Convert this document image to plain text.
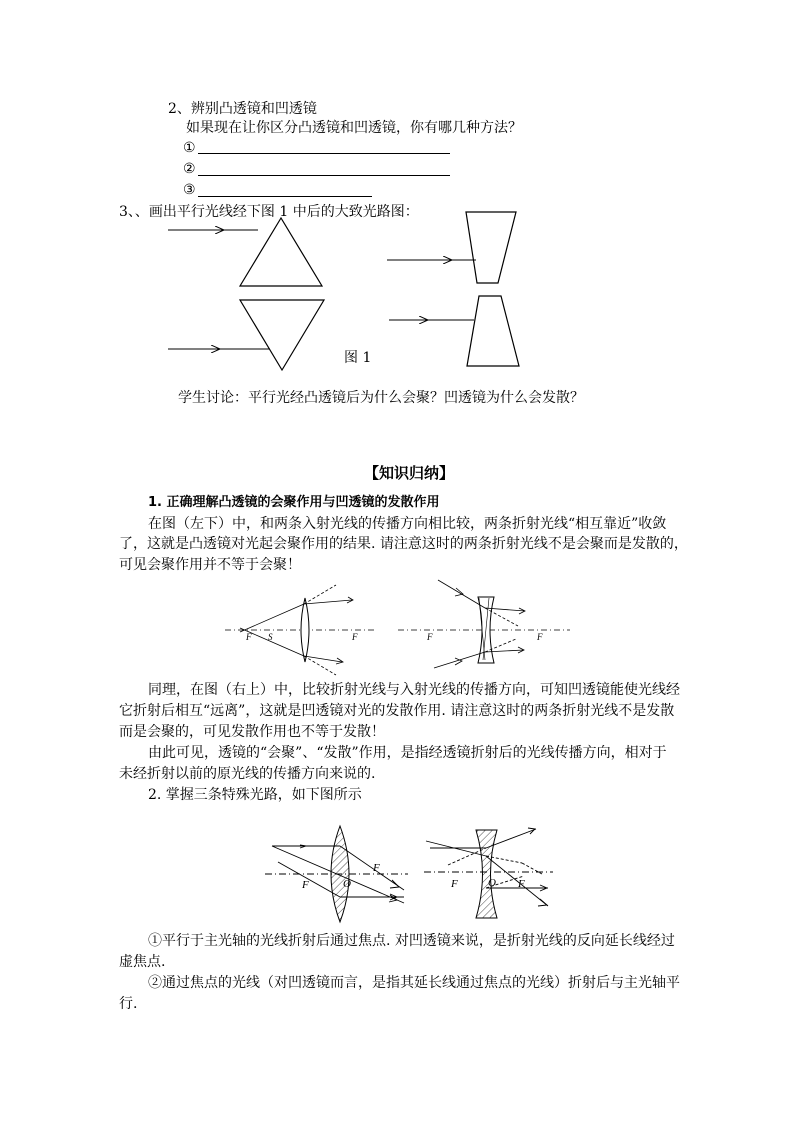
2、辨别凸透镜和凹透镜
如果现在让你区分凸透镜和凹透镜，你有哪几种方法？
①
②
③
3、、画出平行光线经下图 1 中后的大致光路图：
图 1
学生讨论：平行光经凸透镜后为什么会聚？凹透镜为什么会发散？
【知识归纳】
1. 正确理解凸透镜的会聚作用与凹透镜的发散作用
在图（左下）中，和两条入射光线的传播方向相比较，两条折射光线“相互靠近”收敛
了，这就是凸透镜对光起会聚作用的结果. 请注意这时的两条折射光线不是会聚而是发散的，
可见会聚作用并不等于会聚！
F S	F	F	F
同理，在图（右上）中，比较折射光线与入射光线的传播方向，可知凹透镜能使光线经
它折射后相互“远离”，这就是凹透镜对光的发散作用. 请注意这时的两条折射光线不是发散
而是会聚的，可见发散作用也不等于发散！
由此可见，透镜的“会聚”、“发散”作用，是指经透镜折射后的光线传播方向，相对于
未经折射以前的原光线的传播方向来说的.
2. 掌握三条特殊光路，如下图所示
F
F	O	F	O F
①平行于主光轴的光线折射后通过焦点. 对凹透镜来说，是折射光线的反向延长线经过
虚焦点.
②通过焦点的光线（对凹透镜而言，是指其延长线通过焦点的光线）折射后与主光轴平
行.
